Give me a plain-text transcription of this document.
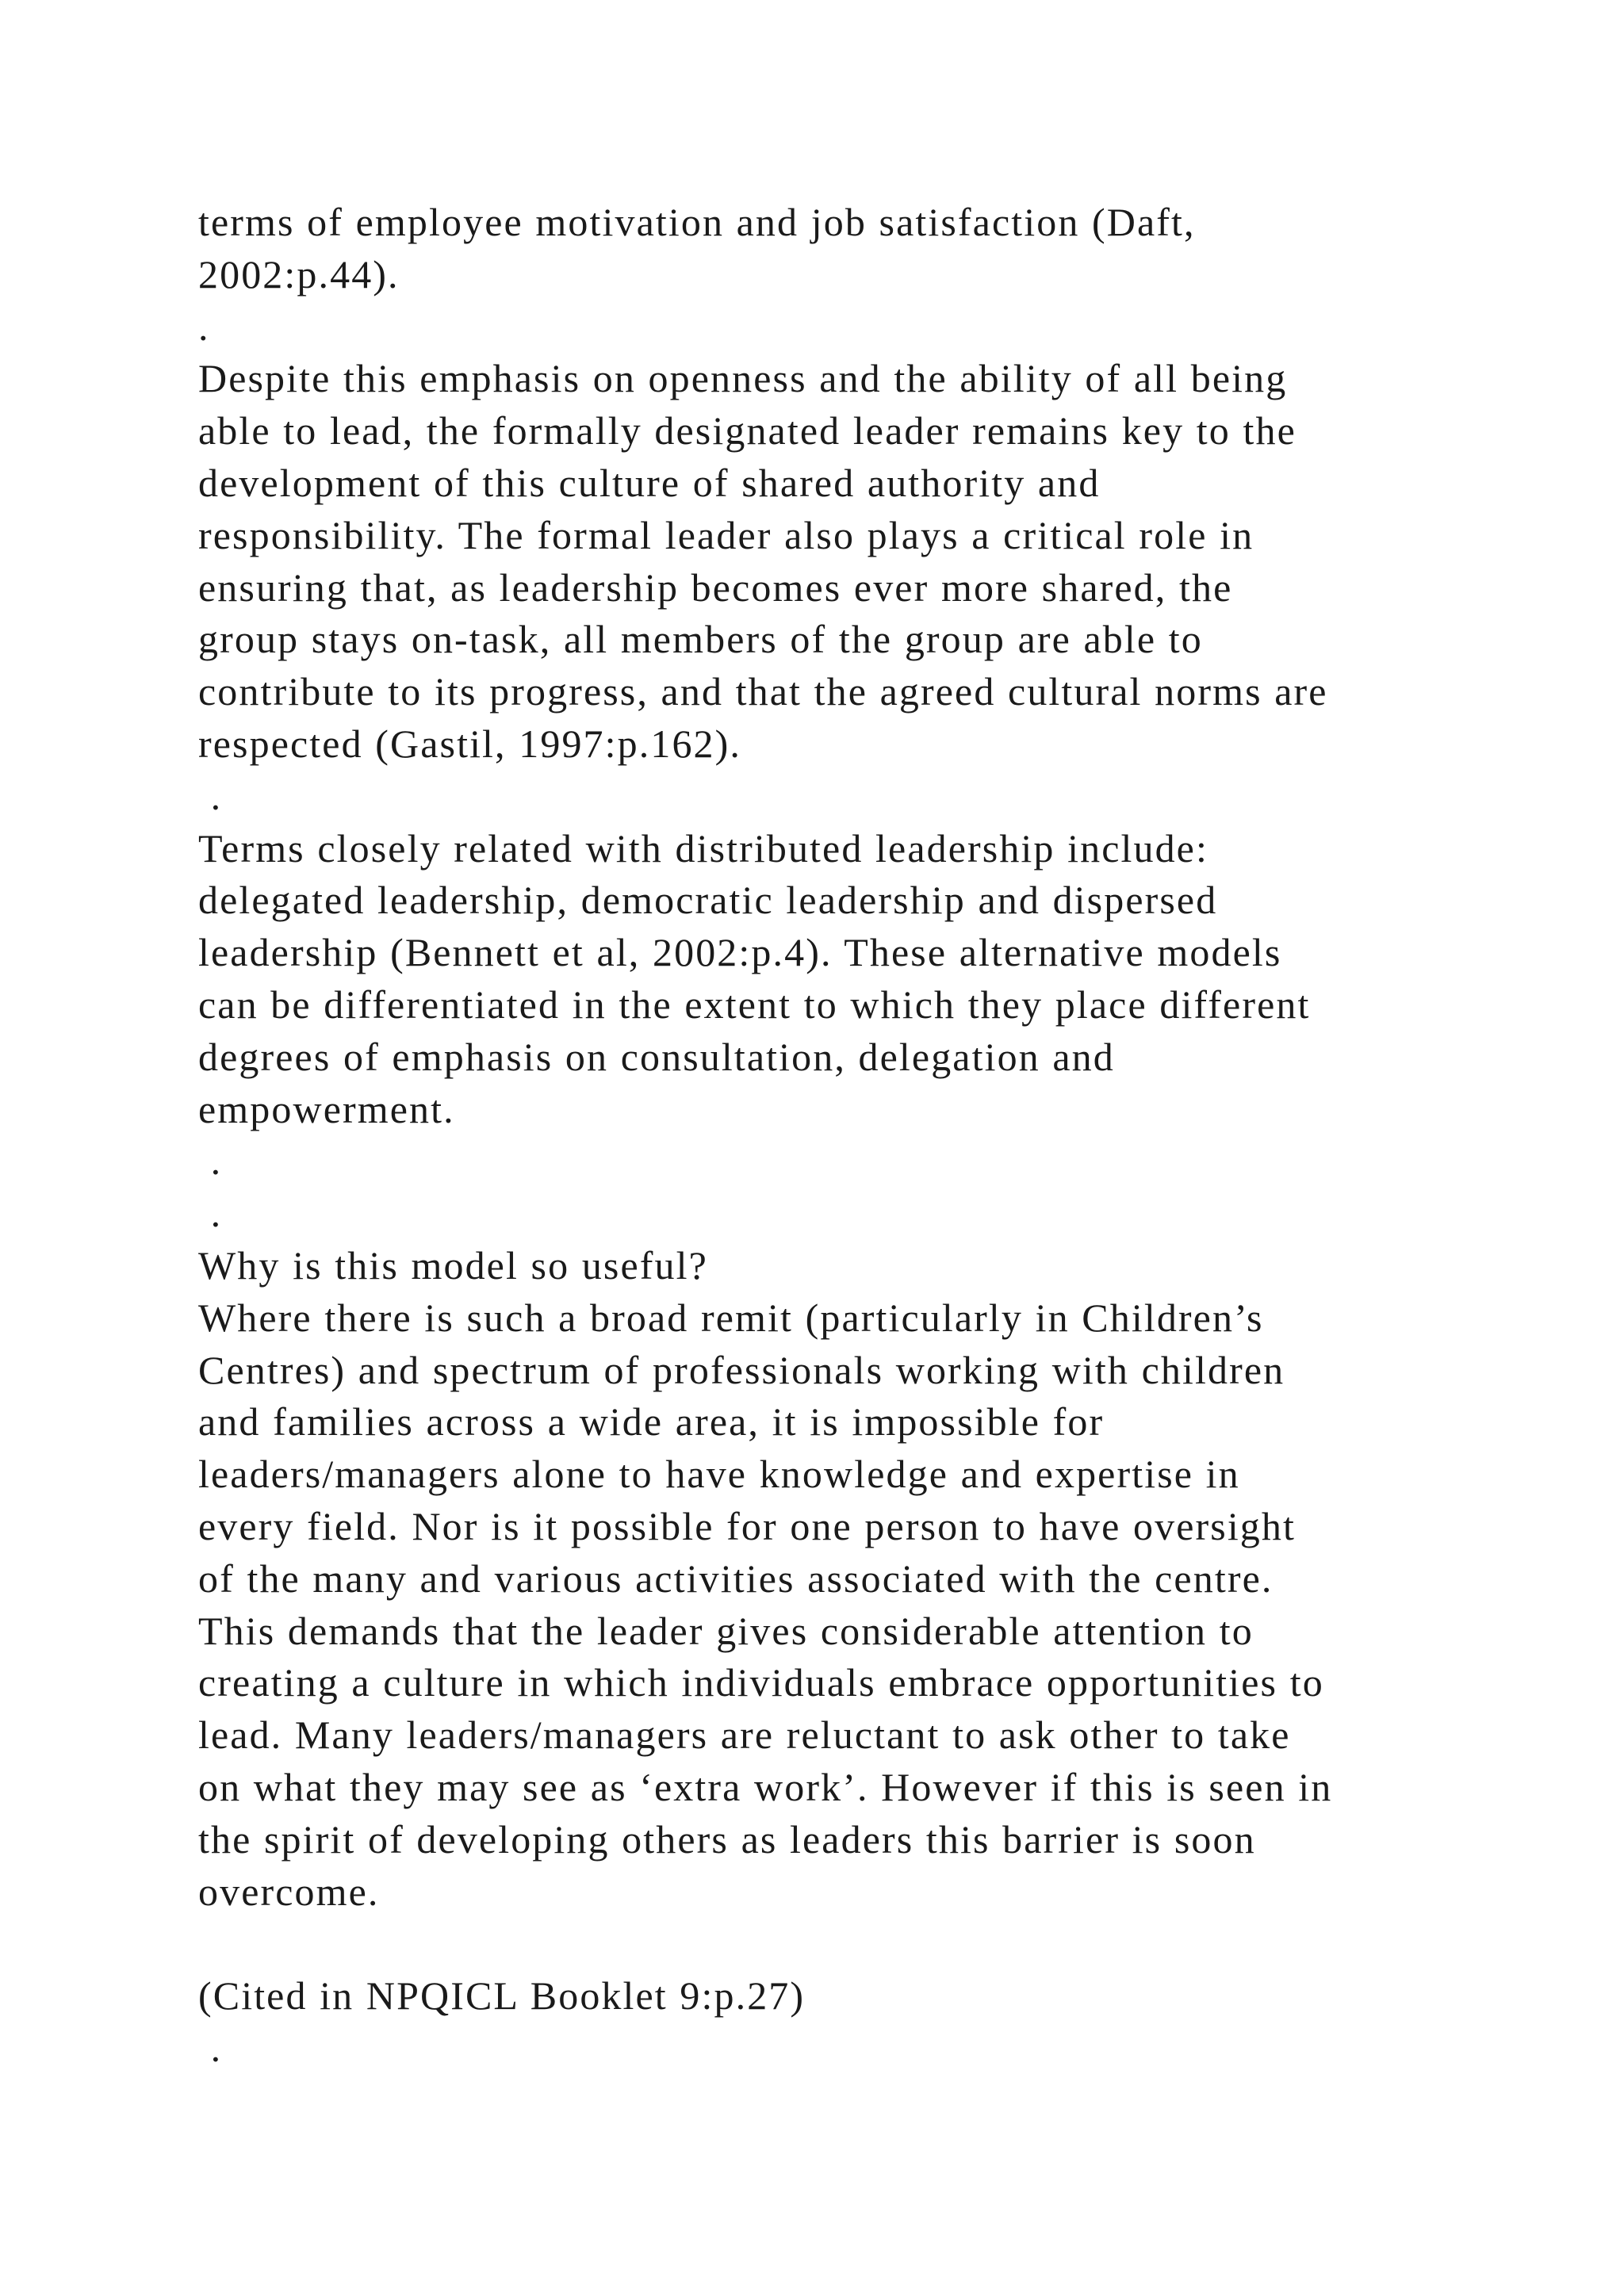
terms of employee motivation and job satisfaction (Daft,
2002:p.44).
.
Despite this emphasis on openness and the ability of all being
able to lead, the formally designated leader remains key to the
development of this culture of shared authority and
responsibility. The formal leader also plays a critical role in
ensuring that, as leadership becomes ever more shared, the
group stays on-task, all members of the group are able to
contribute to its progress, and that the agreed cultural norms are
respected (Gastil, 1997:p.162).
.
Terms closely related with distributed leadership include:
delegated leadership, democratic leadership and dispersed
leadership (Bennett et al, 2002:p.4). These alternative models
can be differentiated in the extent to which they place different
degrees of emphasis on consultation, delegation and
empowerment.
.
.
Why is this model so useful?
Where there is such a broad remit (particularly in Children’s
Centres) and spectrum of professionals working with children
and families across a wide area, it is impossible for
leaders/managers alone to have knowledge and expertise in
every field. Nor is it possible for one person to have oversight
of the many and various activities associated with the centre.
This demands that the leader gives considerable attention to
creating a culture in which individuals embrace opportunities to
lead. Many leaders/managers are reluctant to ask other to take
on what they may see as ‘extra work’. However if this is seen in
the spirit of developing others as leaders this barrier is soon
overcome.
(Cited in NPQICL Booklet 9:p.27)
.
